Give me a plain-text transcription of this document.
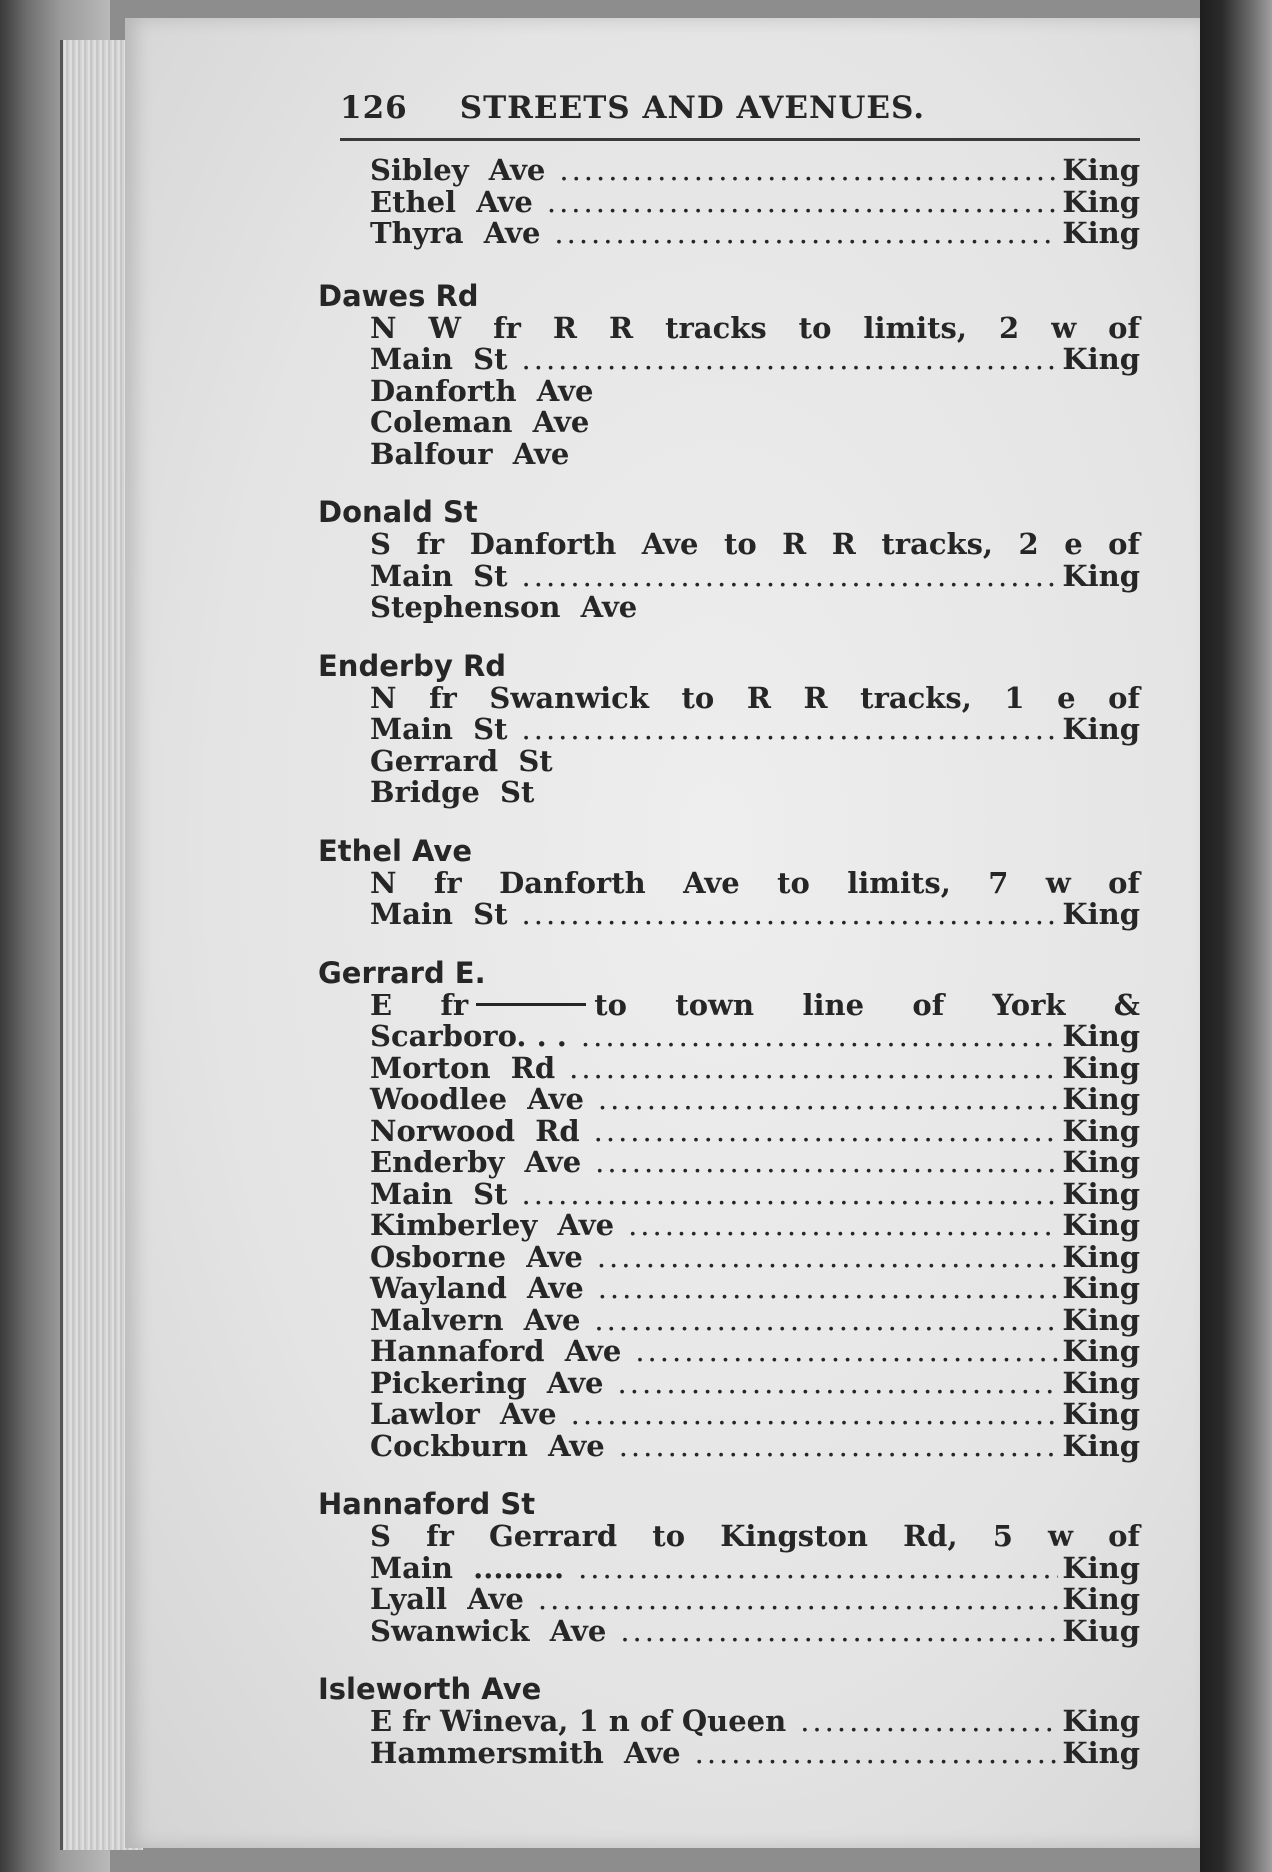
126 STREETS AND AVENUES.
Sibley  Ave .....	King
Ethel  Ave .....	King
Thyra  Ave .....	King
Dawes Rd
N W fr R R tracks to limits, 2 w of
Main  St .....	King
Danforth  Ave
Coleman  Ave
Balfour  Ave
Donald St
S fr Danforth Ave to R R tracks, 2 e of
Main  St .....	King
Stephenson  Ave
Enderby Rd
N fr Swanwick to R R tracks, 1 e of
Main  St .....	King
Gerrard  St
Bridge  St
Ethel Ave
N fr Danforth Ave to limits, 7 w of
Main  St .....	King
Gerrard E.
E fr	to town line of York &
Scarboro. . . .....	King
Morton  Rd .....	King
Woodlee  Ave .....	King
Norwood  Rd .....	King
Enderby  Ave .....	King
Main  St .....	King
Kimberley  Ave .....	King
Osborne  Ave .....	King
Wayland  Ave .....	King
Malvern  Ave .....	King
Hannaford  Ave .....	King
Pickering  Ave .....	King
Lawlor  Ave .....	King
Cockburn  Ave .....	King
Hannaford St
S fr Gerrard to Kingston Rd, 5 w of
Main  ......... .....	King
Lyall  Ave .....	King
Swanwick  Ave .....	Kiug
Isleworth Ave
E fr Wineva, 1 n of Queen .....	King
Hammersmith  Ave .....	King
